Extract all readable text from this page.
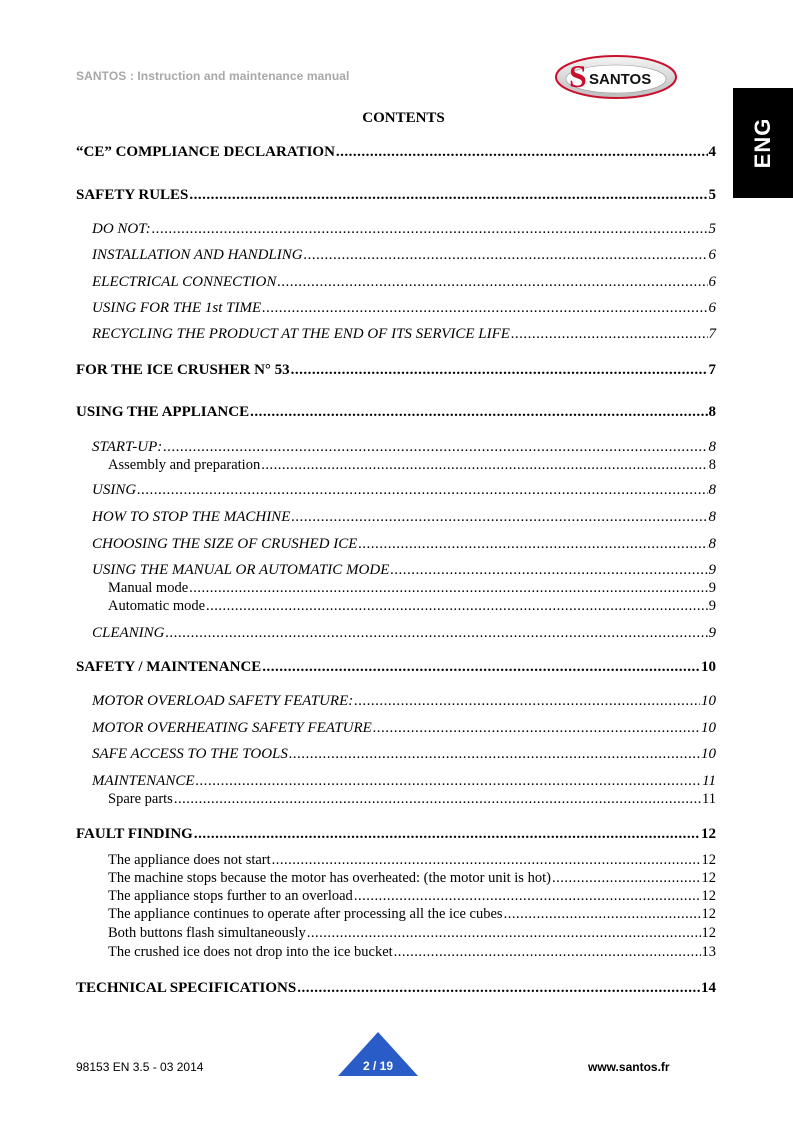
SANTOS : Instruction and maintenance manual	S SANTOS
ENG
CONTENTS
“CE” COMPLIANCE DECLARATION .....	4
SAFETY RULES .....	5
DO NOT: .....	5
INSTALLATION AND HANDLING .....	6
ELECTRICAL CONNECTION .....	6
USING FOR THE 1st TIME .....	6
RECYCLING THE PRODUCT AT THE END OF ITS SERVICE LIFE .....	7
FOR THE ICE CRUSHER N° 53 .....	7
USING THE APPLIANCE .....	8
START-UP: .....	8
Assembly and preparation .....	8
USING .....	8
HOW TO STOP THE MACHINE .....	8
CHOOSING THE SIZE OF CRUSHED ICE .....	8
USING THE MANUAL OR AUTOMATIC MODE .....	9
Manual mode .....	9
Automatic mode .....	9
CLEANING .....	9
SAFETY / MAINTENANCE .....	10
MOTOR OVERLOAD SAFETY FEATURE: .....	10
MOTOR OVERHEATING SAFETY FEATURE .....	10
SAFE ACCESS TO THE TOOLS .....	10
MAINTENANCE .....	11
Spare parts .....	11
FAULT FINDING .....	12
The appliance does not start .....	12
The machine stops because the motor has overheated: (the motor unit is hot) .....	12
The appliance stops further to an overload .....	12
The appliance continues to operate after processing all the ice cubes .....	12
Both buttons flash simultaneously .....	12
The crushed ice does not drop into the ice bucket .....	13
TECHNICAL SPECIFICATIONS .....	14
2 / 19
98153 EN 3.5 - 03 2014	www.santos.fr
